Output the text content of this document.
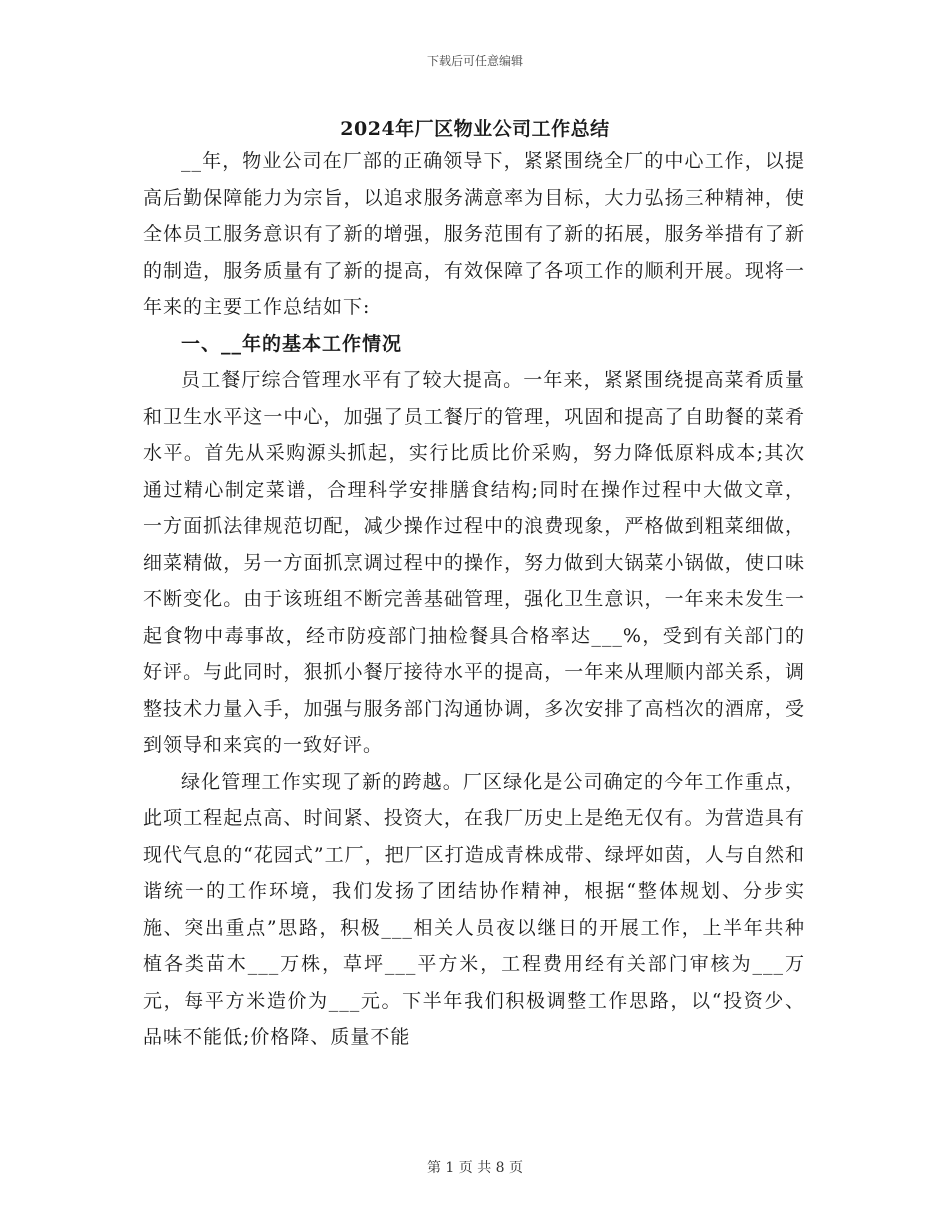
下载后可任意编辑
2024年厂区物业公司工作总结

__年，物业公司在厂部的正确领导下，紧紧围绕全厂的中心工作，以提高后勤保障能力为宗旨，以追求服务满意率为目标，大力弘扬三种精神，使全体员工服务意识有了新的增强，服务范围有了新的拓展，服务举措有了新的制造，服务质量有了新的提高，有效保障了各项工作的顺利开展。现将一年来的主要工作总结如下:

一、__年的基本工作情况

员工餐厅综合管理水平有了较大提高。一年来，紧紧围绕提高菜肴质量和卫生水平这一中心，加强了员工餐厅的管理，巩固和提高了自助餐的菜肴水平。首先从采购源头抓起，实行比质比价采购，努力降低原料成本;其次通过精心制定菜谱，合理科学安排膳食结构;同时在操作过程中大做文章，一方面抓法律规范切配，减少操作过程中的浪费现象，严格做到粗菜细做，细菜精做，另一方面抓烹调过程中的操作，努力做到大锅菜小锅做，使口味不断变化。由于该班组不断完善基础管理，强化卫生意识，一年来未发生一起食物中毒事故，经市防疫部门抽检餐具合格率达___%，受到有关部门的好评。与此同时，狠抓小餐厅接待水平的提高，一年来从理顺内部关系，调整技术力量入手，加强与服务部门沟通协调，多次安排了高档次的酒席，受到领导和来宾的一致好评。

绿化管理工作实现了新的跨越。厂区绿化是公司确定的今年工作重点，此项工程起点高、时间紧、投资大，在我厂历史上是绝无仅有。为营造具有现代气息的“花园式”工厂，把厂区打造成青株成带、绿坪如茵，人与自然和谐统一的工作环境，我们发扬了团结协作精神，根据“整体规划、分步实施、突出重点”思路，积极___相关人员夜以继日的开展工作，上半年共种植各类苗木___万株，草坪___平方米，工程费用经有关部门审核为___万元，每平方米造价为___元。下半年我们积极调整工作思路，以“投资少、品味不能低;价格降、质量不能

第 1 页 共 8 页
